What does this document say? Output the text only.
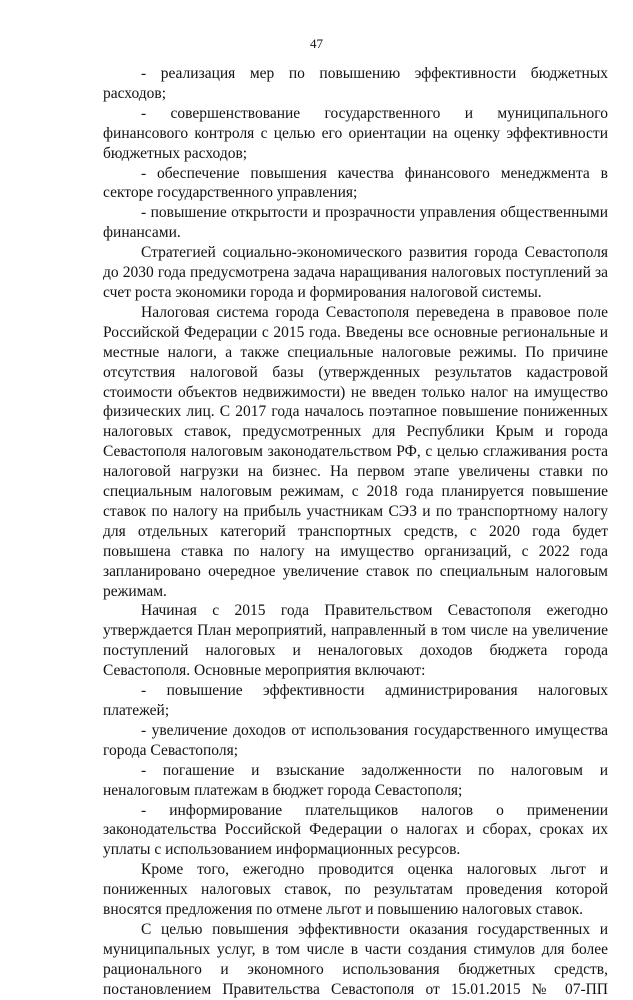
47

- реализация мер по повышению эффективности бюджетных расходов;

- совершенствование государственного и муниципального финансового контроля с целью его ориентации на оценку эффективности бюджетных расходов;

- обеспечение повышения качества финансового менеджмента в секторе государственного управления;

- повышение открытости и прозрачности управления общественными финансами.

Стратегией социально-экономического развития города Севастополя до 2030 года предусмотрена задача наращивания налоговых поступлений за счет роста экономики города и формирования налоговой системы.

Налоговая система города Севастополя переведена в правовое поле Российской Федерации с 2015 года. Введены все основные региональные и местные налоги, а также специальные налоговые режимы. По причине отсутствия налоговой базы (утвержденных результатов кадастровой стоимости объектов недвижимости) не введен только налог на имущество физических лиц. С 2017 года началось поэтапное повышение пониженных налоговых ставок, предусмотренных для Республики Крым и города Севастополя налоговым законодательством РФ, с целью сглаживания роста налоговой нагрузки на бизнес. На первом этапе увеличены ставки по специальным налоговым режимам, с 2018 года планируется повышение ставок по налогу на прибыль участникам СЭЗ и по транспортному налогу для отдельных категорий транспортных средств, с 2020 года будет повышена ставка по налогу на имущество организаций, с 2022 года запланировано очередное увеличение ставок по специальным налоговым режимам.

Начиная с 2015 года Правительством Севастополя ежегодно утверждается План мероприятий, направленный в том числе на увеличение поступлений налоговых и неналоговых доходов бюджета города Севастополя. Основные мероприятия включают:

- повышение эффективности администрирования налоговых платежей;

- увеличение доходов от использования государственного имущества города Севастополя;

- погашение и взыскание задолженности по налоговым и неналоговым платежам в бюджет города Севастополя;

- информирование плательщиков налогов о применении законодательства Российской Федерации о налогах и сборах, сроках их уплаты с использованием информационных ресурсов.

Кроме того, ежегодно проводится оценка налоговых льгот и пониженных налоговых ставок, по результатам проведения которой вносятся предложения по отмене льгот и повышению налоговых ставок.

С целью повышения эффективности оказания государственных и муниципальных услуг, в том числе в части создания стимулов для более рационального и экономного использования бюджетных средств, постановлением Правительства Севастополя от 15.01.2015 № 07-ПП
